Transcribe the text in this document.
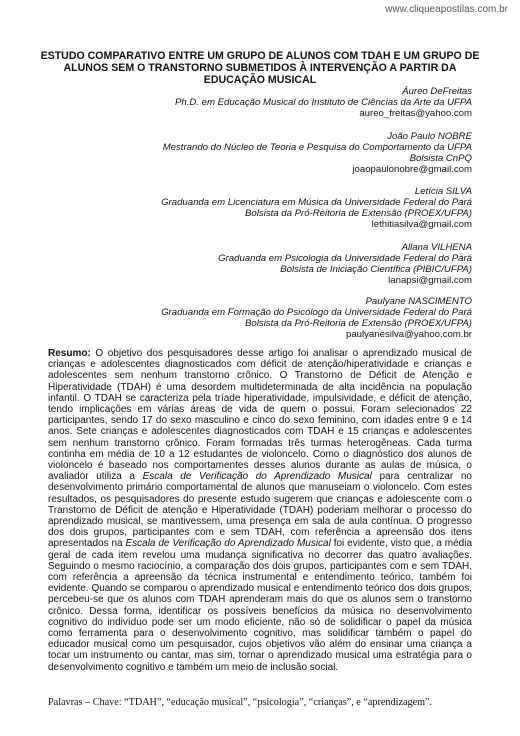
www.cliqueapostilas.com.br
ESTUDO COMPARATIVO ENTRE UM GRUPO DE ALUNOS COM TDAH E UM GRUPO DE ALUNOS SEM O TRANSTORNO SUBMETIDOS À INTERVENÇÃO A PARTIR DA EDUCAÇÃO MUSICAL
Áureo DeFreitas
Ph.D. em Educação Musical do Instituto de Ciências da Arte da UFPA
aureo_freitas@yahoo.com
João Paulo NOBRE
Mestrando do Núcleo de Teoria e Pesquisa do Comportamento da UFPA
Bolsista CnPQ
joaopaulonobre@gmail.com
Letícia SILVA
Graduanda em Licenciatura em Música da Universidade Federal do Pará
Bolsista da Pró-Reitoria de Extensão (PROEX/UFPA)
lethitiasilva@gmail.com
Allana VILHENA
Graduanda em Psicologia da Universidade Federal do Pará
Bolsista de Iniciação Científica (PIBIC/UFPA)
lanapsi@gmail.com
Paulyane NASCIMENTO
Graduanda em Formação do Psicólogo da Universidade Federal do Pará
Bolsista da Pró-Reitoria de Extensão (PROEX/UFPA)
paulyanesilva@yahoo.com.br

Resumo: O objetivo dos pesquisadores desse artigo foi analisar o aprendizado musical de crianças e adolescentes diagnosticados com déficit de atenção/hiperatividade e crianças e adolescentes sem nenhum transtorno crônico. O Transtorno de Déficit de Atenção e Hiperatividade (TDAH) é uma desordem multideterminada de alta incidência na população infantil. O TDAH se caracteriza pela tríade hiperatividade, impulsividade, e déficit de atenção, tendo implicações em várias áreas de vida de quem o possui. Foram selecionados 22 participantes, sendo 17 do sexo masculino e cinco do sexo feminino, com idades entre 9 e 14 anos. Sete crianças e adolescentes diagnosticados com TDAH e 15 crianças e adolescentes sem nenhum transtorno crônico. Foram formadas três turmas heterogêneas. Cada turma continha em média de 10 a 12 estudantes de violoncelo. Como o diagnóstico dos alunos de violoncelo é baseado nos comportamentes desses alunos durante as aulas de música, o avaliador utiliza a Escala de Verificação do Aprendizado Musical para centralizar no desenvolvimento primário comportamental de alunos que manuseiam o violoncelo. Com estes resultados, os pesquisadores do presente estudo sugerem que crianças e adolescente com o Transtorno de Déficit de atenção e Hiperatividade (TDAH) poderiam melhorar o processo do aprendizado musical, se mantivessem, uma presença em sala de aula contínua. O progresso dos dois grupos, participantes com e sem TDAH, com referência a apreensão dos itens apresentados na Escala de Verificação do Aprendizado Musical foi evidente, visto que, a média geral de cada item revelou uma mudança significativa no decorrer das quatro avaliações. Seguindo o mesmo raciocínio, a comparação dos dois grupos, participantes com e sem TDAH, com referência a apreensão da técnica instrumental e entendimento teórico, também foi evidente. Quando se comparou o aprendizado musical e entendimento teórico dos dois grupos, percebeu-se que os alunos com TDAH aprenderam mais do que os alunos sem o transtorno crônico. Dessa forma, identificar os possíveis benefícios da música no desenvolvimento cognitivo do indivíduo pode ser um modo eficiente, não só de solidificar o papel da música como ferramenta para o desenvolvimento cognitivo, mas solidificar também o papel do educador musical como um pesquisador, cujos objetivos vão além do ensinar uma criança a tocar um instrumento ou cantar, mas sim, tornar o aprendizado musical uma estratégia para o desenvolvimento cognitivo e também um meio de inclusão social.

Palavras – Chave: “TDAH”, “educação musical”, “psicologia”, “crianças”, e “aprendizagem”.
